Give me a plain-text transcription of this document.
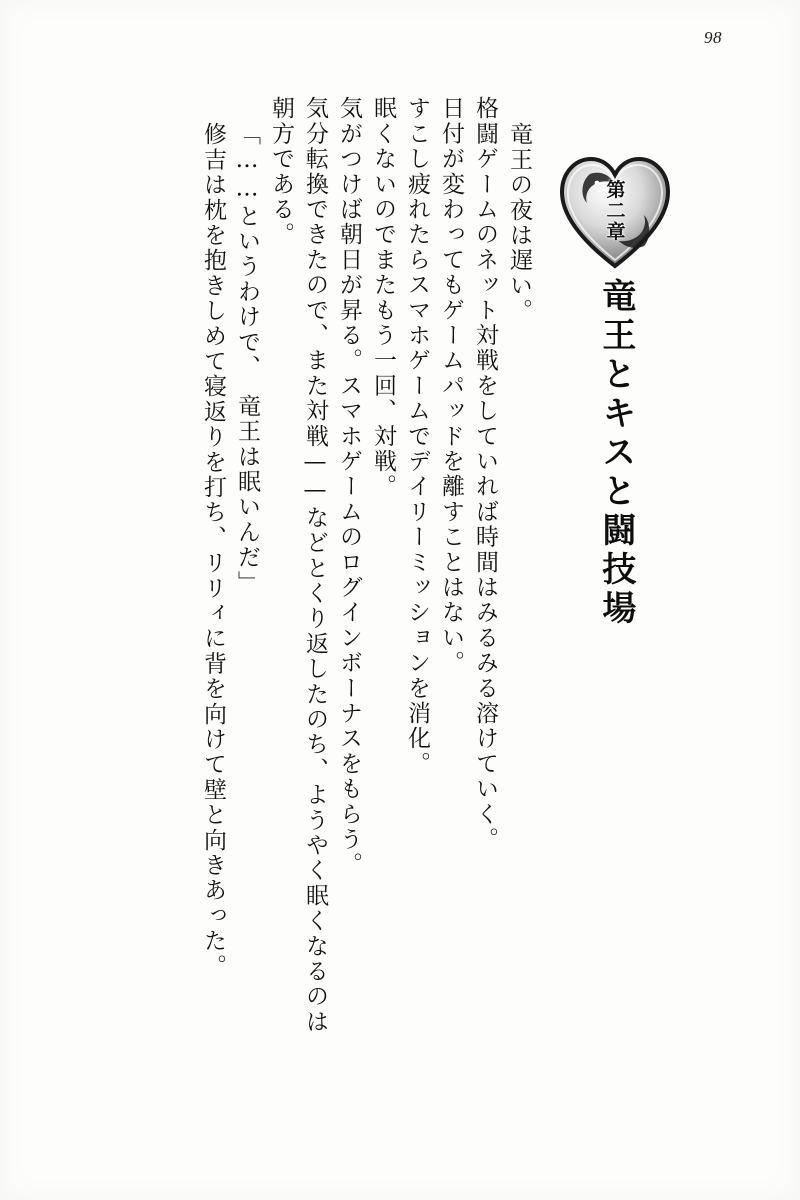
98
第二章
竜王とキスと闘技場
竜王の夜は遅い。
格闘ゲームのネット対戦をしていれば時間はみるみる溶けていく。
日付が変わってもゲームパッドを離すことはない。
すこし疲れたらスマホゲームでデイリーミッションを消化。
眠くないのでまたもう一回、対戦。
気がつけば朝日が昇る。スマホゲームのログインボーナスをもらう。
気分転換できたので、また対戦——などとくり返したのち、ようやく眠くなるのは
朝方である。
「……というわけで、　竜王は眠いんだ」
修吉は枕を抱きしめて寝返りを打ち、リリィに背を向けて壁と向きあった。
